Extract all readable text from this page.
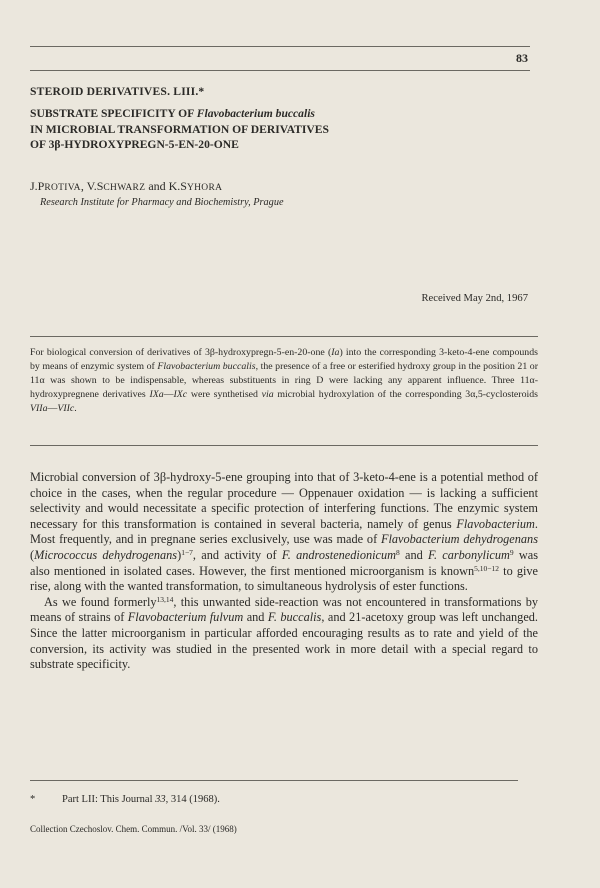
83
STEROID DERIVATIVES. LIII.*
SUBSTRATE SPECIFICITY OF Flavobacterium buccalis
IN MICROBIAL TRANSFORMATION OF DERIVATIVES
OF 3β-HYDROXYPREGN-5-EN-20-ONE
J.PROTIVA, V.SCHWARZ and K.SYHORA
Research Institute for Pharmacy and Biochemistry, Prague
Received May 2nd, 1967

For biological conversion of derivatives of 3β-hydroxypregn-5-en-20-one (Ia) into the corresponding 3-keto-4-ene compounds by means of enzymic system of Flavobacterium buccalis, the presence of a free or esterified hydroxy group in the position 21 or 11α was shown to be indispensable, whereas substituents in ring D were lacking any apparent influence. Three 11α-hydroxypregnene derivatives IXa—IXc were synthetised via microbial hydroxylation of the corresponding 3α,5-cyclosteroids VIIa—VIIc.

Microbial conversion of 3β-hydroxy-5-ene grouping into that of 3-keto-4-ene is a potential method of choice in the cases, when the regular procedure — Oppenauer oxidation — is lacking a sufficient selectivity and would necessitate a specific protection of interfering functions. The enzymic system necessary for this transformation is contained in several bacteria, namely of genus Flavobacterium. Most frequently, and in pregnane series exclusively, use was made of Flavobacterium dehydrogenans (Micrococcus dehydrogenans)$^{1-7}$, and activity of F. androstenedionicum$^8$ and F. carbonylicum$^9$ was also mentioned in isolated cases. However, the first mentioned microorganism is known$^{5,10-12}$ to give rise, along with the wanted transformation, to simultaneous hydrolysis of ester functions.

As we found formerly$^{13,14}$, this unwanted side-reaction was not encountered in transformations by means of strains of Flavobacterium fulvum and F. buccalis, and 21-acetoxy group was left unchanged. Since the latter microorganism in particular afforded encouraging results as to rate and yield of the conversion, its activity was studied in the presented work in more detail with a special regard to substrate specificity.

*	Part LII: This Journal 33, 314 (1968).
Collection Czechoslov. Chem. Commun. /Vol. 33/ (1968)
